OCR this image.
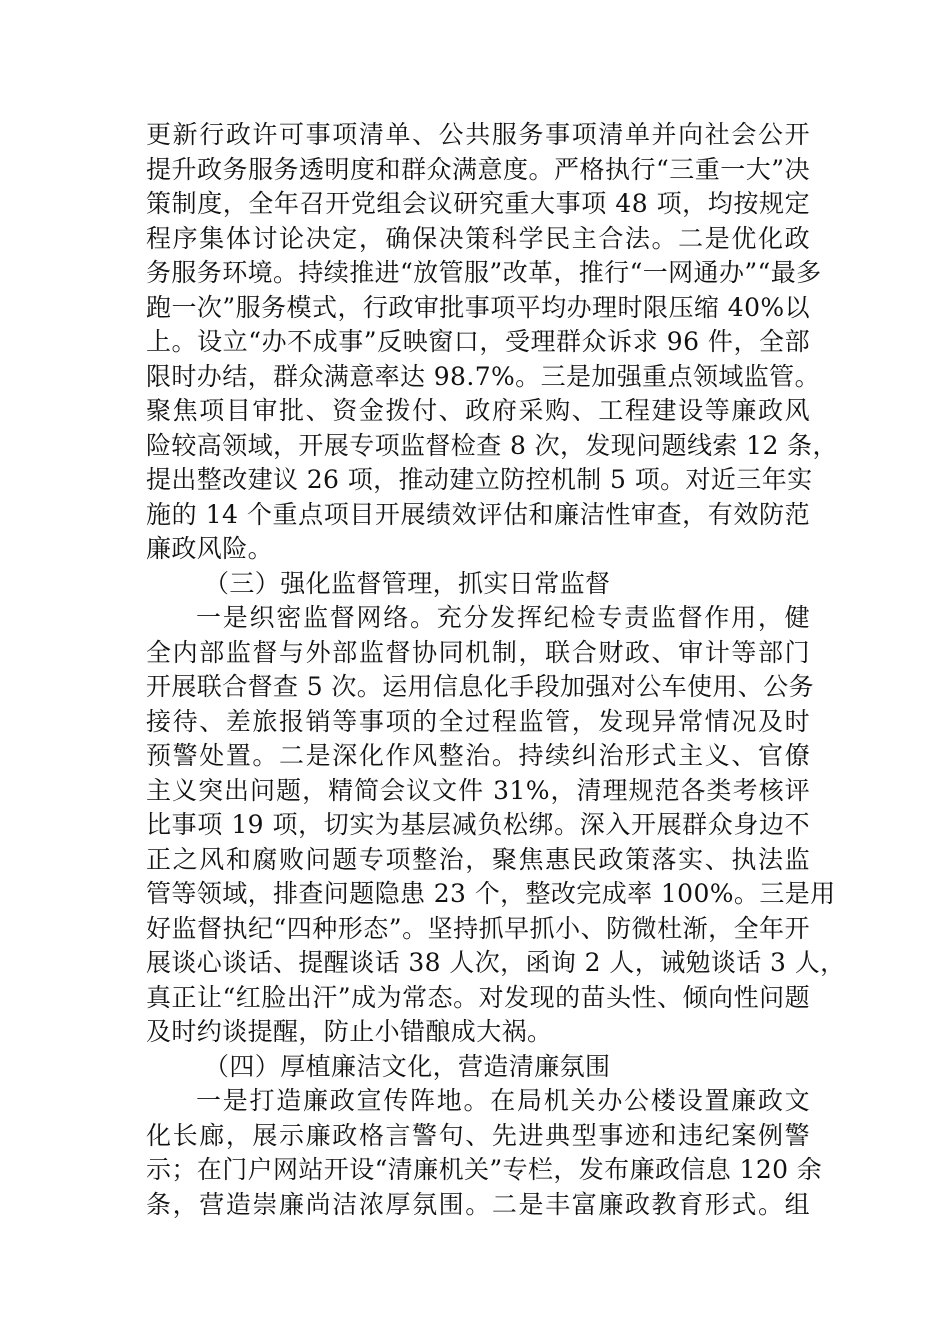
更新行政许可事项清单、公共服务事项清单并向社会公开
提升政务服务透明度和群众满意度。严格执行“三重一大”决
策制度，全年召开党组会议研究重大事项 48 项，均按规定
程序集体讨论决定，确保决策科学民主合法。二是优化政
务服务环境。持续推进“放管服”改革，推行“一网通办”“最多
跑一次”服务模式，行政审批事项平均办理时限压缩 40%以
上。设立“办不成事”反映窗口，受理群众诉求 96 件，全部
限时办结，群众满意率达 98.7%。三是加强重点领域监管。
聚焦项目审批、资金拨付、政府采购、工程建设等廉政风
险较高领域，开展专项监督检查 8 次，发现问题线索 12 条，
提出整改建议 26 项，推动建立防控机制 5 项。对近三年实
施的 14 个重点项目开展绩效评估和廉洁性审查，有效防范
廉政风险。
（三）强化监督管理，抓实日常监督
一是织密监督网络。充分发挥纪检专责监督作用，健
全内部监督与外部监督协同机制，联合财政、审计等部门
开展联合督查 5 次。运用信息化手段加强对公车使用、公务
接待、差旅报销等事项的全过程监管，发现异常情况及时
预警处置。二是深化作风整治。持续纠治形式主义、官僚
主义突出问题，精简会议文件 31%，清理规范各类考核评
比事项 19 项，切实为基层减负松绑。深入开展群众身边不
正之风和腐败问题专项整治，聚焦惠民政策落实、执法监
管等领域，排查问题隐患 23 个，整改完成率 100%。三是用
好监督执纪“四种形态”。坚持抓早抓小、防微杜渐，全年开
展谈心谈话、提醒谈话 38 人次，函询 2 人，诫勉谈话 3 人，
真正让“红脸出汗”成为常态。对发现的苗头性、倾向性问题
及时约谈提醒，防止小错酿成大祸。
（四）厚植廉洁文化，营造清廉氛围
一是打造廉政宣传阵地。在局机关办公楼设置廉政文
化长廊，展示廉政格言警句、先进典型事迹和违纪案例警
示；在门户网站开设“清廉机关”专栏，发布廉政信息 120 余
条，营造崇廉尚洁浓厚氛围。二是丰富廉政教育形式。组
